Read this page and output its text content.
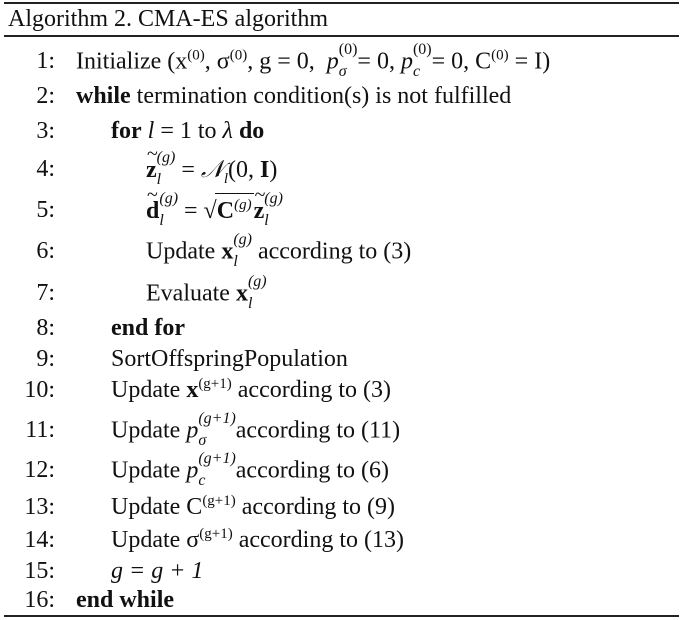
Algorithm 2. CMA-ES algorithm
1: Initialize ($x^{(0)}$, $\sigma^{(0)}$, g = 0,  p (0)
σ = 0, p (0)
c = 0, $C^{(0)} = I$)
2: while termination condition(s) is not fulfilled
3: for l = 1 to λ do
4:	~ z (g)
l = 𝒩$_l$(0, I)
5:	~ d (g)
$l = √C^{(g)}\sim$ z (g)
l
6:	Update x (g)
l according to (3)
7:	Evaluate x (g)
l
8: end for
9: SortOffspringPopulation
10: Update $x^{(g+1)}$ according to (3)
11: Update p (g+1)
σ	according to (11)
12: Update p (g+1)
c	according to (6)
13: Update $C^{(g+1)}$ according to (9)
14: Update $\sigma^{(g+1)}$ according to (13)
15: g = g + 1
16: end while
